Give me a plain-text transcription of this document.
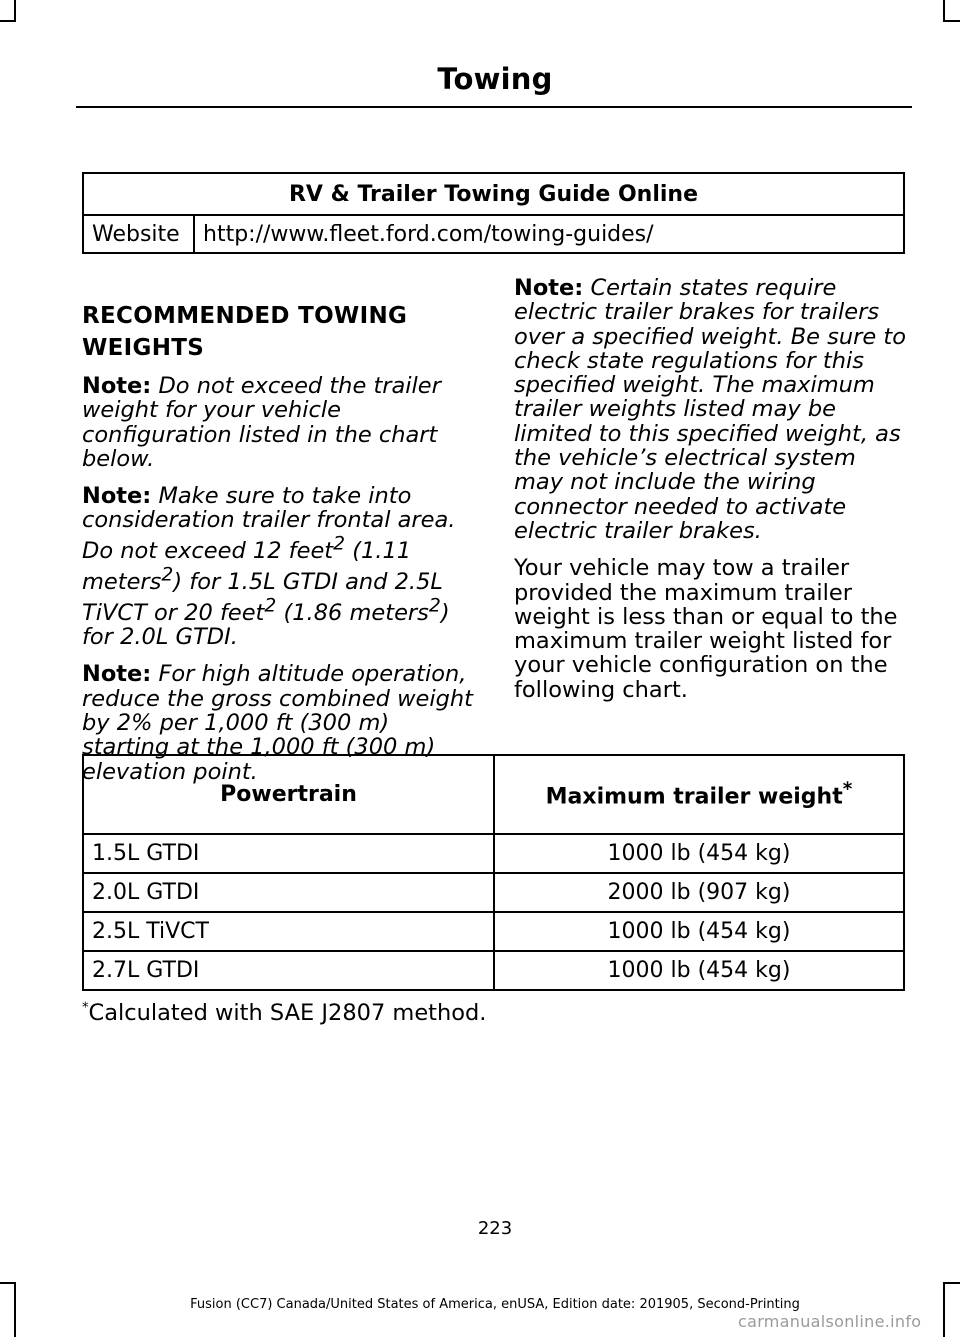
Towing
RV & Trailer Towing Guide Online
Website	http://www.fleet.ford.com/towing-guides/
RECOMMENDED TOWING
WEIGHTS

Note: Do not exceed the trailer weight for your vehicle configuration listed in the chart below.

Note: Make sure to take into consideration trailer frontal area. Do not exceed 12 feet$^2$ (1.11 meters$^2$) for 1.5L GTDI and 2.5L TiVCT or 20 feet$^2$ (1.86 meters$^2$) for 2.0L GTDI.

Note: For high altitude operation, reduce the gross combined weight by 2% per 1,000 ft (300 m) starting at the 1,000 ft (300 m) elevation point.

Note: Certain states require electric trailer brakes for trailers over a specified weight. Be sure to check state regulations for this specified weight. The maximum trailer weights listed may be limited to this specified weight, as the vehicle’s electrical system may not include the wiring connector needed to activate electric trailer brakes.

Your vehicle may tow a trailer provided the maximum trailer weight is less than or equal to the maximum trailer weight listed for your vehicle configuration on the following chart.

Powertrain	Maximum trailer weight*
1.5L GTDI	1000 lb (454 kg)
2.0L GTDI	2000 lb (907 kg)
2.5L TiVCT	1000 lb (454 kg)
2.7L GTDI	1000 lb (454 kg)
*Calculated with SAE J2807 method.
223
Fusion (CC7) Canada/United States of America, enUSA, Edition date: 201905, Second-Printing
carmanualsonline.info
